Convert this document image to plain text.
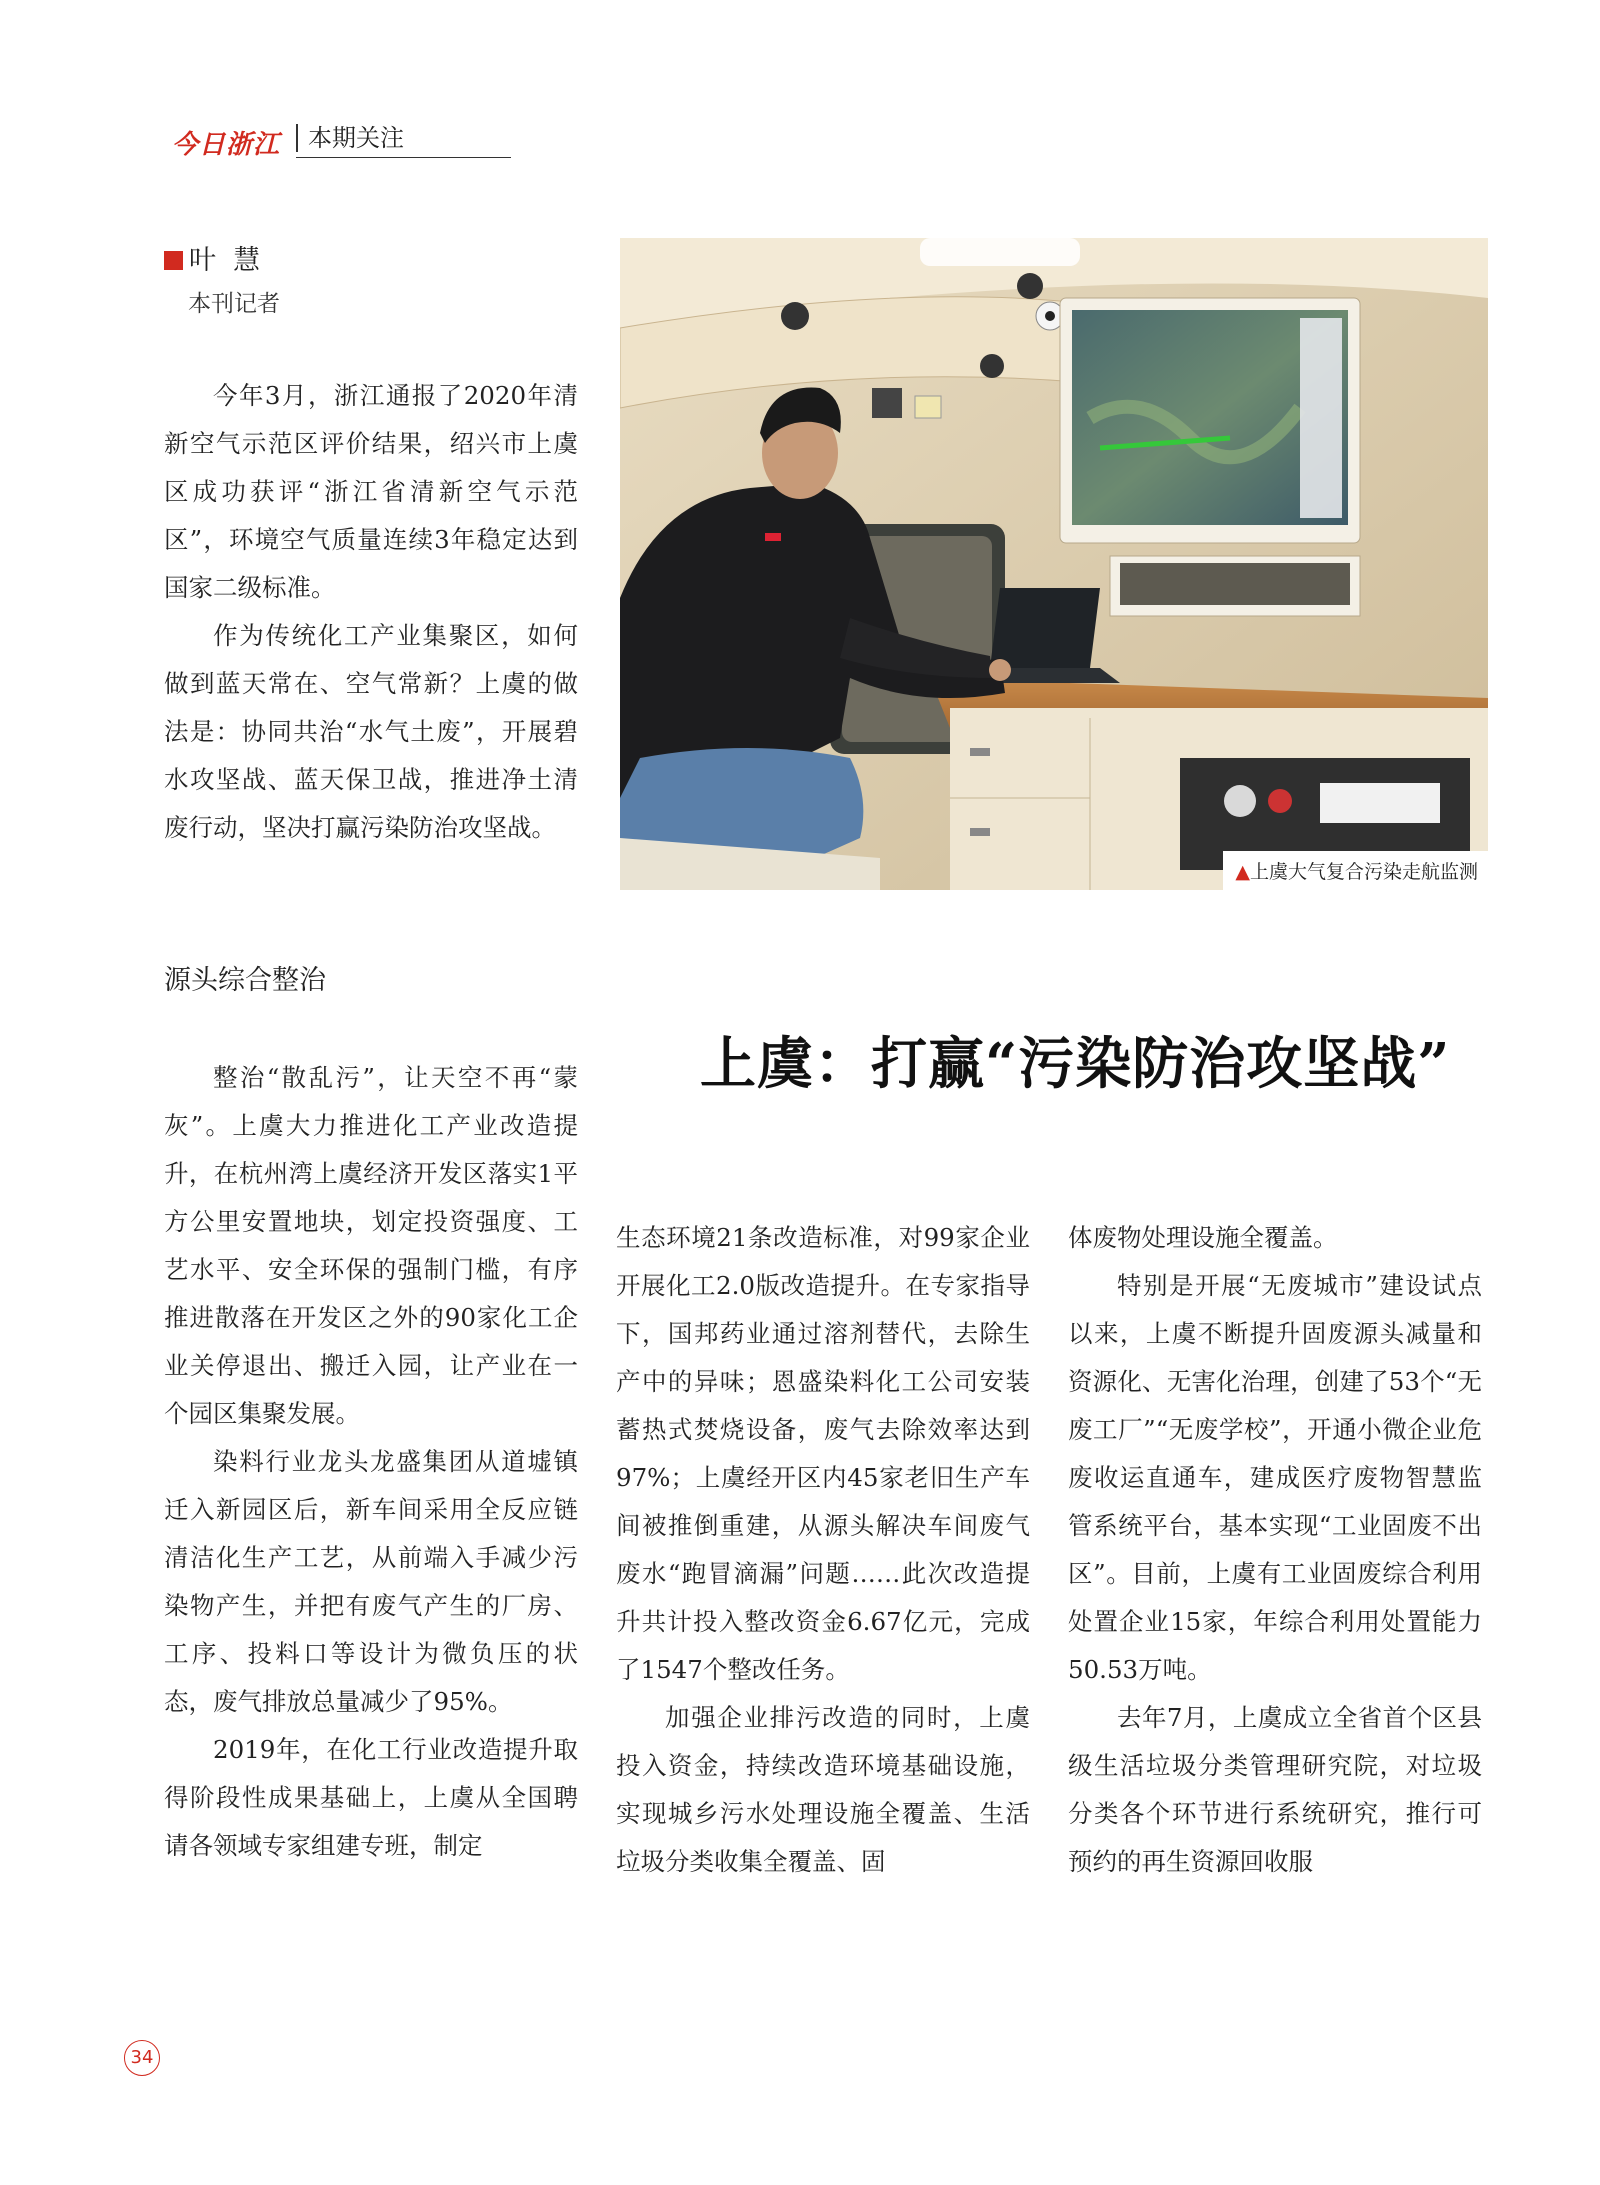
今日浙江	本期关注
叶  慧
本刊记者

今年3月，浙江通报了2020年清新空气示范区评价结果，绍兴市上虞区成功获评“浙江省清新空气示范区”，环境空气质量连续3年稳定达到国家二级标准。

作为传统化工产业集聚区，如何做到蓝天常在、空气常新？上虞的做法是：协同共治“水气土废”，开展碧水攻坚战、蓝天保卫战，推进净土清废行动，坚决打赢污染防治攻坚战。

▲上虞大气复合污染走航监测
源头综合整治
上虞：打赢“污染防治攻坚战”

整治“散乱污”，让天空不再“蒙灰”。上虞大力推进化工产业改造提升，在杭州湾上虞经济开发区落实1平方公里安置地块，划定投资强度、工艺水平、安全环保的强制门槛，有序推进散落在开发区之外的90家化工企业关停退出、搬迁入园，让产业在一个园区集聚发展。

染料行业龙头龙盛集团从道墟镇迁入新园区后，新车间采用全反应链清洁化生产工艺，从前端入手减少污染物产生，并把有废气产生的厂房、工序、投料口等设计为微负压的状态，废气排放总量减少了95%。

2019年，在化工行业改造提升取得阶段性成果基础上，上虞从全国聘请各领域专家组建专班，制定

生态环境21条改造标准，对99家企业开展化工2.0版改造提升。在专家指导下，国邦药业通过溶剂替代，去除生产中的异味；恩盛染料化工公司安装蓄热式焚烧设备，废气去除效率达到97%；上虞经开区内45家老旧生产车间被推倒重建，从源头解决车间废气废水“跑冒滴漏”问题……此次改造提升共计投入整改资金6.67亿元，完成了1547个整改任务。

加强企业排污改造的同时，上虞投入资金，持续改造环境基础设施，实现城乡污水处理设施全覆盖、生活垃圾分类收集全覆盖、固

体废物处理设施全覆盖。

特别是开展“无废城市”建设试点以来，上虞不断提升固废源头减量和资源化、无害化治理，创建了53个“无废工厂”“无废学校”，开通小微企业危废收运直通车，建成医疗废物智慧监管系统平台，基本实现“工业固废不出区”。目前，上虞有工业固废综合利用处置企业15家，年综合利用处置能力50.53万吨。

去年7月，上虞成立全省首个区县级生活垃圾分类管理研究院，对垃圾分类各个环节进行系统研究，推行可预约的再生资源回收服

34
